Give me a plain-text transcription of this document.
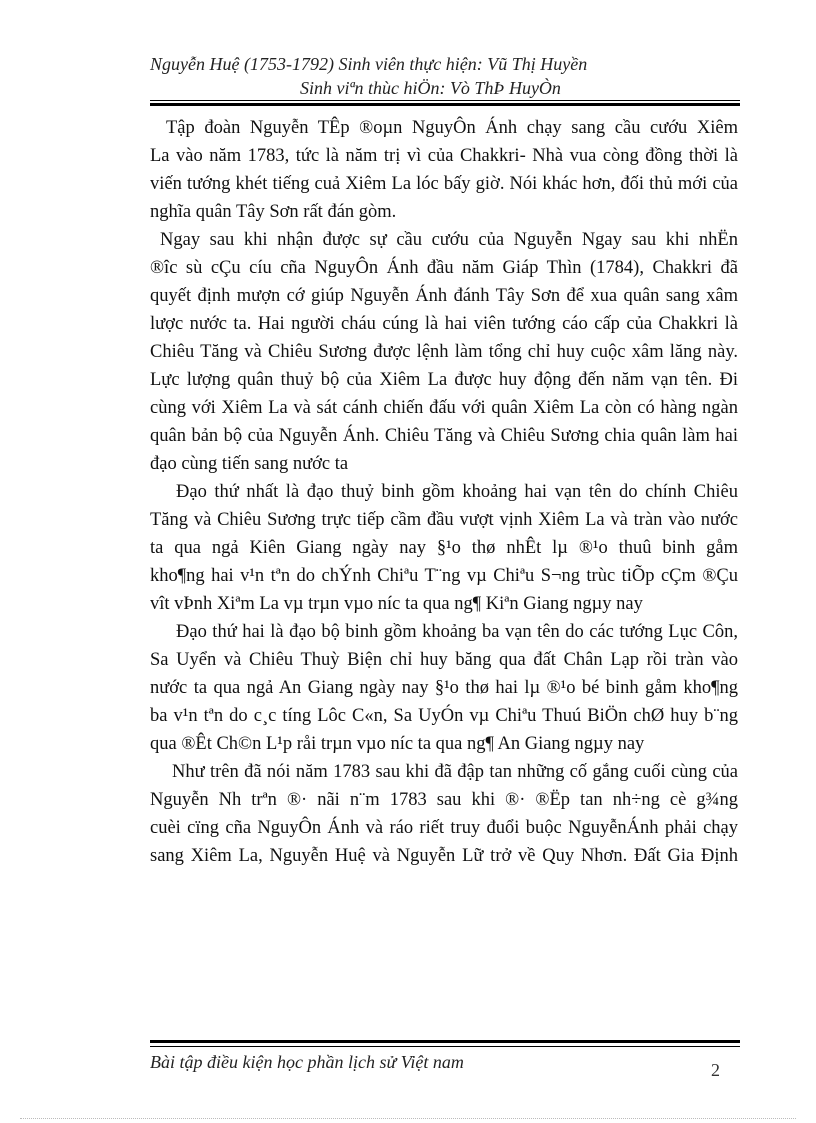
Nguyễn Huệ (1753-1792) Sinh viên thực hiện: Vũ Thị Huyền
Sinh viªn thùc hiÖn: Vò ThÞ HuyÒn
Tập đoàn Nguyễn TÊp ®oµn NguyÔn Ánh chạy sang cầu cướu Xiêm
La vào năm 1783, tức là năm trị vì của Chakkri- Nhà vua còng đồng thời là
viến tướng khét tiếng cuả Xiêm La lóc bấy giờ. Nói khác hơn, đối thủ mới của
nghĩa quân Tây Sơn rất đán gòm.
Ngay sau khi nhận được sự cầu cướu của Nguyễn Ngay sau khi nhËn
®îc sù cÇu cíu cña NguyÔn Ánh đầu năm Giáp Thìn (1784), Chakkri đã
quyết định mượn cớ giúp Nguyễn Ánh đánh Tây Sơn để xua quân sang xâm
lược nước ta. Hai người cháu cúng là hai viên tướng cáo cấp của Chakkri là
Chiêu Tăng và Chiêu Sương được lệnh làm tổng chỉ huy cuộc xâm lăng này.
Lực lượng quân thuỷ bộ của Xiêm La được huy động đến năm vạn tên. Đi
cùng với Xiêm La và sát cánh chiến đấu với quân Xiêm La còn có hàng ngàn
quân bản bộ của Nguyễn Ánh. Chiêu Tăng và Chiêu Sương chia quân làm hai
đạo cùng tiến sang nước ta
Đạo thứ nhất là đạo thuỷ binh gồm khoảng hai vạn tên do chính Chiêu
Tăng và Chiêu Sương trực tiếp cầm đầu vượt vịnh Xiêm La và tràn vào nước
ta qua ngả Kiên Giang ngày nay §¹o thø nhÊt lµ ®¹o thuû binh gåm
kho¶ng hai v¹n tªn do chÝnh Chiªu T¨ng vµ Chiªu S¬ng trùc tiÕp cÇm ®Çu
vît vÞnh Xiªm La vµ trµn vµo níc ta qua ng¶ Kiªn Giang ngµy nay
Đạo thứ hai là đạo bộ binh gồm khoảng ba vạn tên do các tướng Lục Côn,
Sa Uyển và Chiêu Thuỳ Biện chỉ huy băng qua đất Chân Lạp rồi tràn vào
nước ta qua ngả An Giang ngày nay §¹o thø hai lµ ®¹o bé binh gåm kho¶ng
ba v¹n tªn do c¸c tíng Lôc C«n, Sa UyÓn vµ Chiªu Thuú BiÖn chØ huy b¨ng
qua ®Êt Ch©n L¹p råi trµn vµo níc ta qua ng¶ An Giang ngµy nay
Như trên đã nói năm 1783 sau khi đã đập tan những cố gắng cuối cùng của
Nguyễn Nh trªn ®· nãi n¨m 1783 sau khi ®· ®Ëp tan nh÷ng cè g¾ng
cuèi cïng cña NguyÔn Ánh và ráo riết truy đuổi buộc NguyễnÁnh phải chạy
sang Xiêm La, Nguyễn Huệ và Nguyễn Lữ trở về Quy Nhơn. Đất Gia Định
Bài tập điều kiện học phần lịch sử Việt nam	2
